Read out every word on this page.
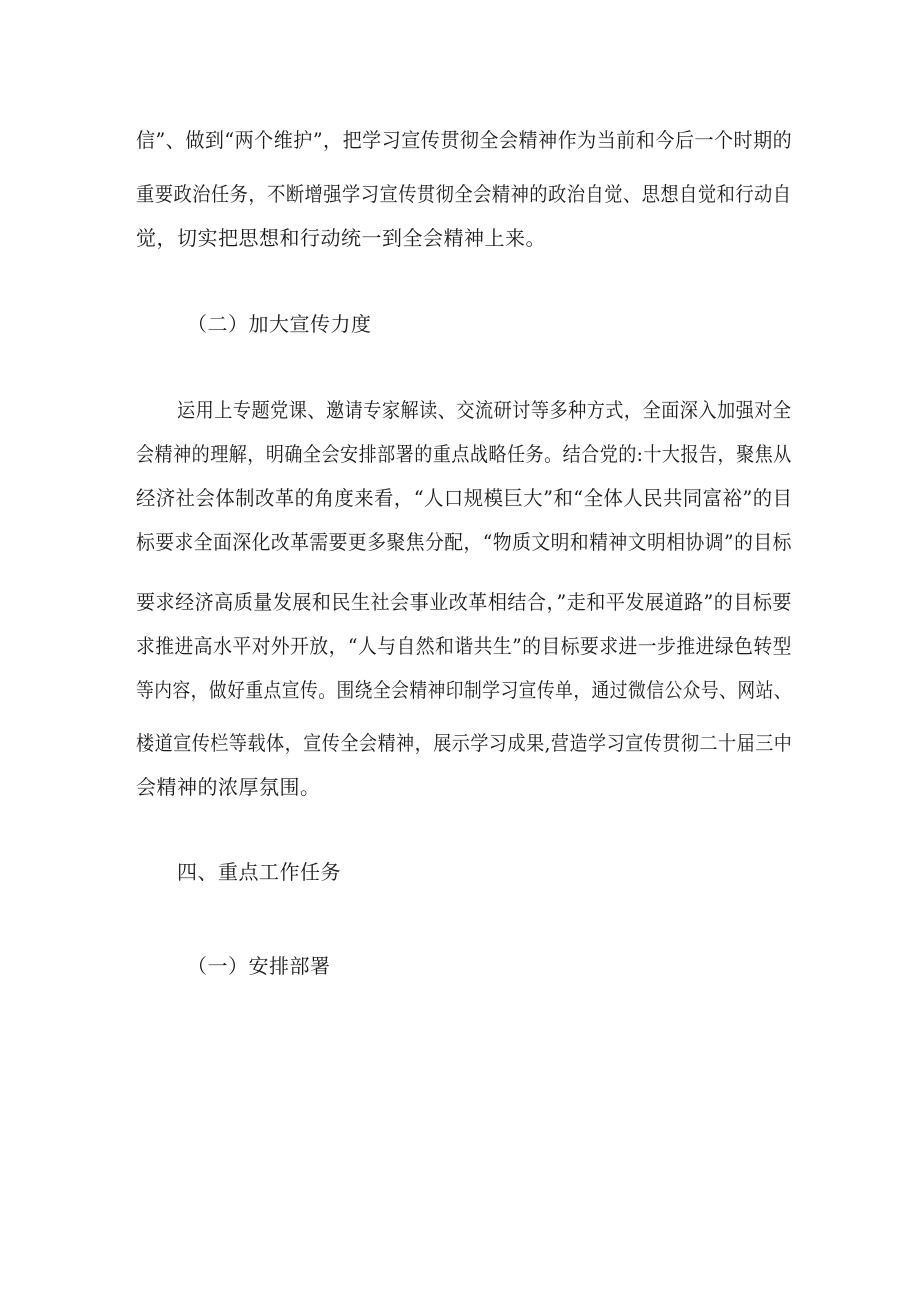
信”、做到“两个维护”，把学习宣传贯彻全会精神作为当前和今后一个时期的
重要政治任务，不断增强学习宣传贯彻全会精神的政治自觉、思想自觉和行动自
觉，切实把思想和行动统一到全会精神上来。
（二）加大宣传力度
运用上专题党课、邀请专家解读、交流研讨等多种方式，全面深入加强对全
会精神的理解，明确全会安排部署的重点战略任务。结合党的:十大报告，聚焦从
经济社会体制改革的角度来看，“人口规模巨大”和“全体人民共同富裕”的目
标要求全面深化改革需要更多聚焦分配，“物质文明和精神文明相协调”的目标
要求经济高质量发展和民生社会事业改革相结合，”走和平发展道路”的目标要
求推进高水平对外开放，“人与自然和谐共生”的目标要求进一步推进绿色转型
等内容，做好重点宣传。围绕全会精神印制学习宣传单，通过微信公众号、网站、
楼道宣传栏等载体，宣传全会精神，展示学习成果,营造学习宣传贯彻二十届三中
会精神的浓厚氛围。
四、重点工作任务
（一）安排部署
